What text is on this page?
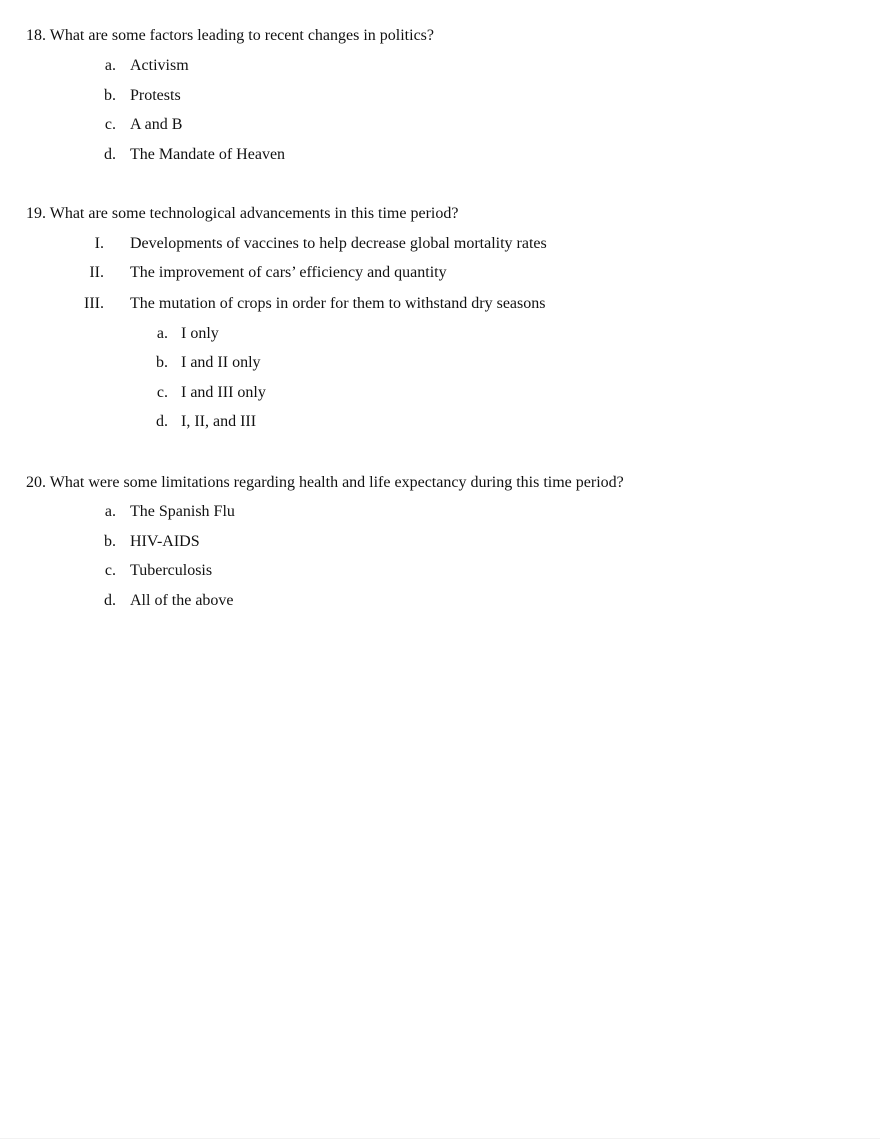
18. What are some factors leading to recent changes in politics?
a. Activism
b. Protests
c. A and B
d. The Mandate of Heaven
19. What are some technological advancements in this time period?
I. Developments of vaccines to help decrease global mortality rates
II. The improvement of cars’ efficiency and quantity
III. The mutation of crops in order for them to withstand dry seasons
a. I only
b. I and II only
c. I and III only
d. I, II, and III
20. What were some limitations regarding health and life expectancy during this time period?
a. The Spanish Flu
b. HIV-AIDS
c. Tuberculosis
d. All of the above
